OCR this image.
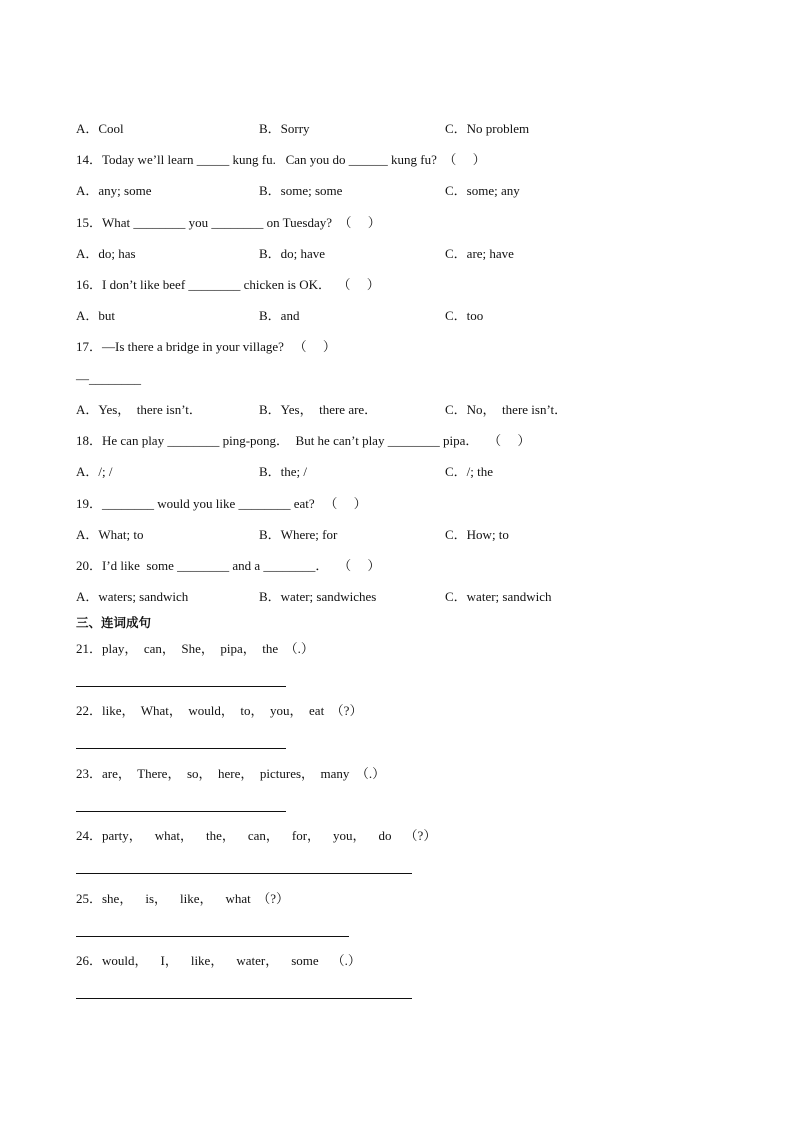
A．Cool	B．Sorry	C．No problem
14．Today we’ll learn _____ kung fu.   Can you do ______ kung fu?  （     ）
A．any; some	B．some; some	C．some; any
15．What ________ you ________ on Tuesday?  （     ）
A．do; has	B．do; have	C．are; have
16．I don’t like beef ________ chicken is OK．  （     ）
A．but	B．and	C．too
17．—Is there a bridge in your village?   （     ）
—________
A．Yes，  there isn’t．	B．Yes，  there are．	C．No，  there isn’t．
18．He can play ________ ping-pong．  But he can’t play ________ pipa．   （     ）
A．/; /	B．the; /	C．/; the
19．________ would you like ________ eat?   （     ）
A．What; to	B．Where; for	C．How; to
20．I’d like  some ________ and a ________．   （     ）
A．waters; sandwich	B．water; sandwiches	C．water; sandwich
三、连词成句
21．play，  can，  She，  pipa，  the  （.）
22．like，  What，  would，  to，  you，  eat  （?）
23．are，  There，  so，  here，  pictures，  many  （.）
24．party，    what，    the，    can，    for，    you，    do    （?）
25．she，    is，    like，    what  （?）
26．would，    I，    like，    water，    some    （.）
